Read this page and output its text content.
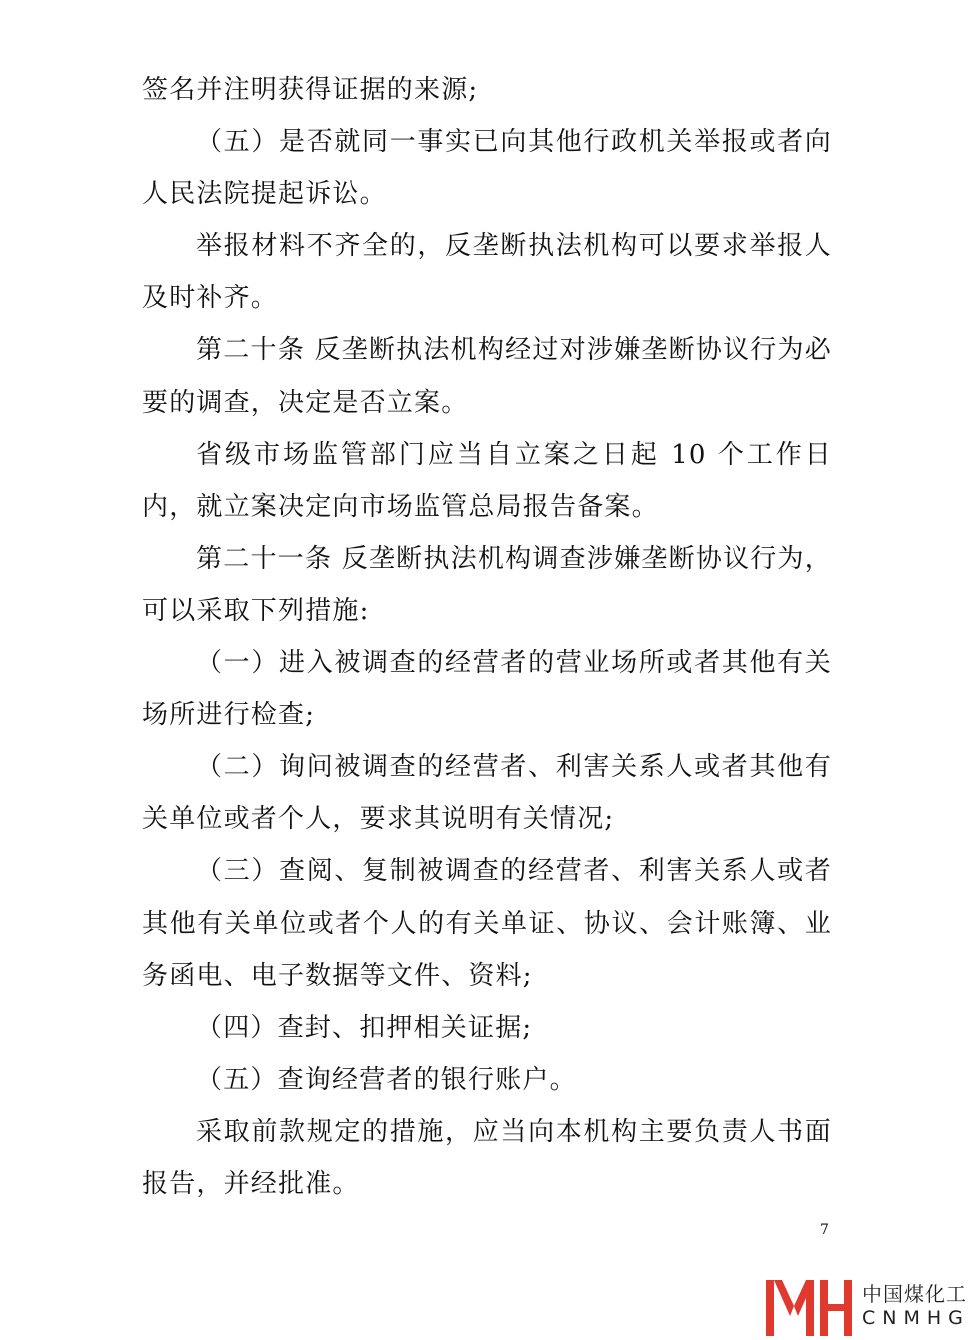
签名并注明获得证据的来源;

（五）是否就同一事实已向其他行政机关举报或者向人民法院提起诉讼。

举报材料不齐全的，反垄断执法机构可以要求举报人及时补齐。

第二十条 反垄断执法机构经过对涉嫌垄断协议行为必要的调查，决定是否立案。

省级市场监管部门应当自立案之日起 10 个工作日内，就立案决定向市场监管总局报告备案。

第二十一条 反垄断执法机构调查涉嫌垄断协议行为，可以采取下列措施:

（一）进入被调查的经营者的营业场所或者其他有关场所进行检查;

（二）询问被调查的经营者、利害关系人或者其他有关单位或者个人，要求其说明有关情况;

（三）查阅、复制被调查的经营者、利害关系人或者其他有关单位或者个人的有关单证、协议、会计账簿、业务函电、电子数据等文件、资料;

（四）查封、扣押相关证据;

（五）查询经营者的银行账户。

采取前款规定的措施，应当向本机构主要负责人书面报告，并经批准。

7
中国煤化工
CNMHG
